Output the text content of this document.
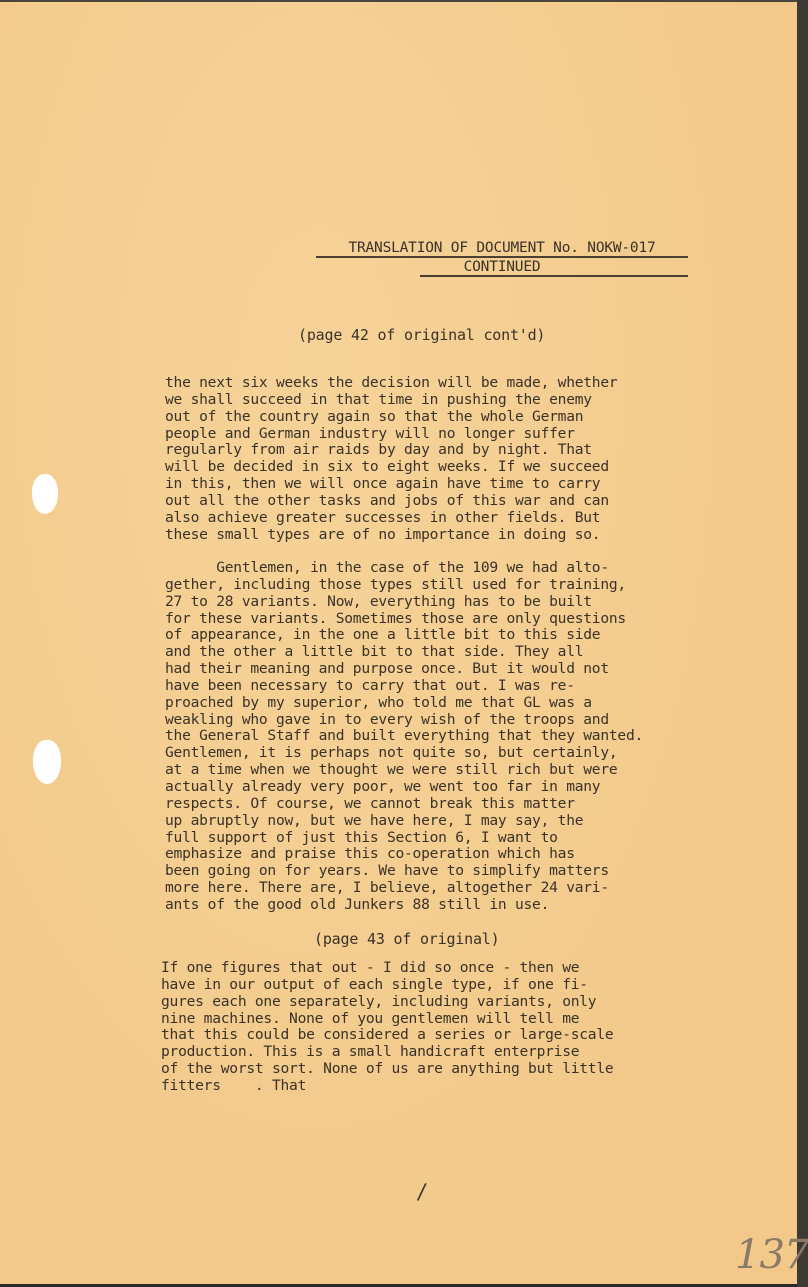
TRANSLATION OF DOCUMENT No. NOKW-017
CONTINUED
(page 42 of original cont'd)
the next six weeks the decision will be made, whether
we shall succeed in that time in pushing the enemy
out of the country again so that the whole German
people and German industry will no longer suffer
regularly from air raids by day and by night. That
will be decided in six to eight weeks. If we succeed
in this, then we will once again have time to carry
out all the other tasks and jobs of this war and can
also achieve greater successes in other fields. But
these small types are of no importance in doing so.
Gentlemen, in the case of the 109 we had alto-
gether, including those types still used for training,
27 to 28 variants. Now, everything has to be built
for these variants. Sometimes those are only questions
of appearance, in the one a little bit to this side
and the other a little bit to that side. They all
had their meaning and purpose once. But it would not
have been necessary to carry that out. I was re-
proached by my superior, who told me that GL was a
weakling who gave in to every wish of the troops and
the General Staff and built everything that they wanted.
Gentlemen, it is perhaps not quite so, but certainly,
at a time when we thought we were still rich but were
actually already very poor, we went too far in many
respects. Of course, we cannot break this matter
up abruptly now, but we have here, I may say, the
full support of just this Section 6, I want to
emphasize and praise this co-operation which has
been going on for years. We have to simplify matters
more here. There are, I believe, altogether 24 vari-
ants of the good old Junkers 88 still in use.
(page 43 of original)
If one figures that out - I did so once - then we
have in our output of each single type, if one fi-
gures each one separately, including variants, only
nine machines. None of you gentlemen will tell me
that this could be considered a series or large-scale
production. This is a small handicraft enterprise
of the worst sort. None of us are anything but little
fitters    . That
/
137
